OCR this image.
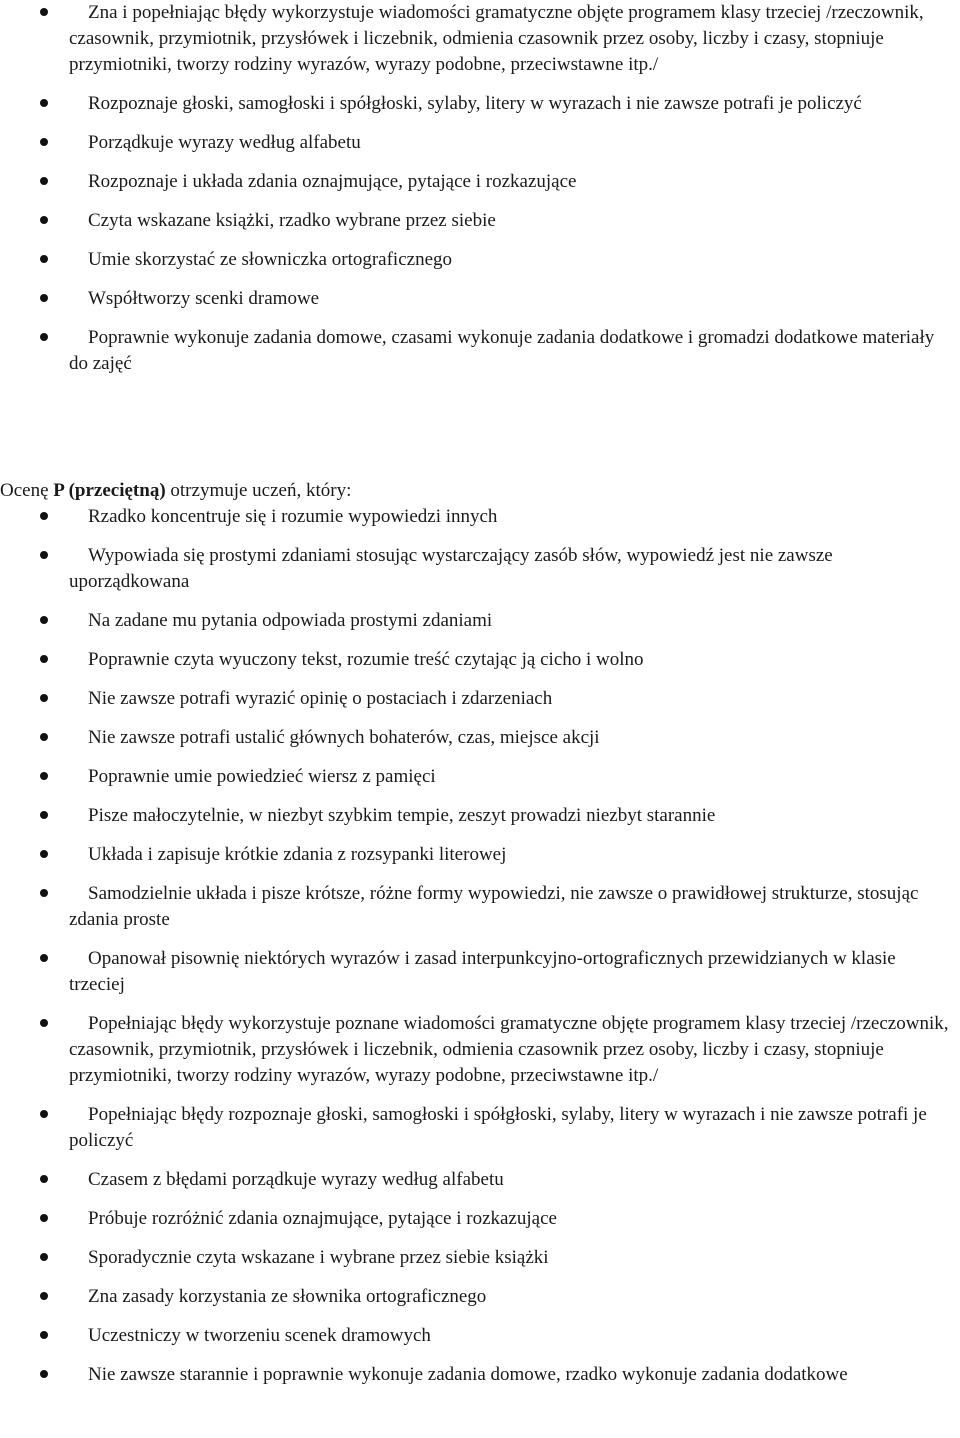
Zna i popełniając błędy wykorzystuje wiadomości gramatyczne objęte programem klasy trzeciej /rzeczownik, czasownik, przymiotnik, przysłówek i liczebnik, odmienia czasownik przez osoby, liczby i czasy, stopniuje przymiotniki, tworzy rodziny wyrazów, wyrazy podobne, przeciwstawne itp./
Rozpoznaje głoski, samogłoski i spółgłoski, sylaby, litery w wyrazach i nie zawsze potrafi je policzyć
Porządkuje wyrazy według alfabetu
Rozpoznaje i układa zdania oznajmujące, pytające i rozkazujące
Czyta wskazane książki, rzadko wybrane przez siebie
Umie skorzystać ze słowniczka ortograficznego
Współtworzy scenki dramowe
Poprawnie wykonuje zadania domowe, czasami wykonuje zadania dodatkowe i gromadzi dodatkowe materiały do zajęć

Ocenę P (przeciętną) otrzymuje uczeń, który:

Rzadko koncentruje się i rozumie wypowiedzi innych
Wypowiada się prostymi zdaniami stosując wystarczający zasób słów, wypowiedź jest nie zawsze uporządkowana
Na zadane mu pytania odpowiada prostymi zdaniami
Poprawnie czyta wyuczony tekst, rozumie treść czytając ją cicho i wolno
Nie zawsze potrafi wyrazić opinię o postaciach i zdarzeniach
Nie zawsze potrafi ustalić głównych bohaterów, czas, miejsce akcji
Poprawnie umie powiedzieć wiersz z pamięci
Pisze małoczytelnie, w niezbyt szybkim tempie, zeszyt prowadzi niezbyt starannie
Układa i zapisuje krótkie zdania z rozsypanki literowej
Samodzielnie układa i pisze krótsze, różne formy wypowiedzi, nie zawsze o prawidłowej strukturze, stosując zdania proste
Opanował pisownię niektórych wyrazów i zasad interpunkcyjno-ortograficznych przewidzianych w klasie trzeciej
Popełniając błędy wykorzystuje poznane wiadomości gramatyczne objęte programem klasy trzeciej /rzeczownik, czasownik, przymiotnik, przysłówek i liczebnik, odmienia czasownik przez osoby, liczby i czasy, stopniuje przymiotniki, tworzy rodziny wyrazów, wyrazy podobne, przeciwstawne itp./
Popełniając błędy rozpoznaje głoski, samogłoski i spółgłoski, sylaby, litery w wyrazach i nie zawsze potrafi je policzyć
Czasem z błędami porządkuje wyrazy według alfabetu
Próbuje rozróżnić zdania oznajmujące, pytające i rozkazujące
Sporadycznie czyta wskazane i wybrane przez siebie książki
Zna zasady korzystania ze słownika ortograficznego
Uczestniczy w tworzeniu scenek dramowych
Nie zawsze starannie i poprawnie wykonuje zadania domowe, rzadko wykonuje zadania dodatkowe
